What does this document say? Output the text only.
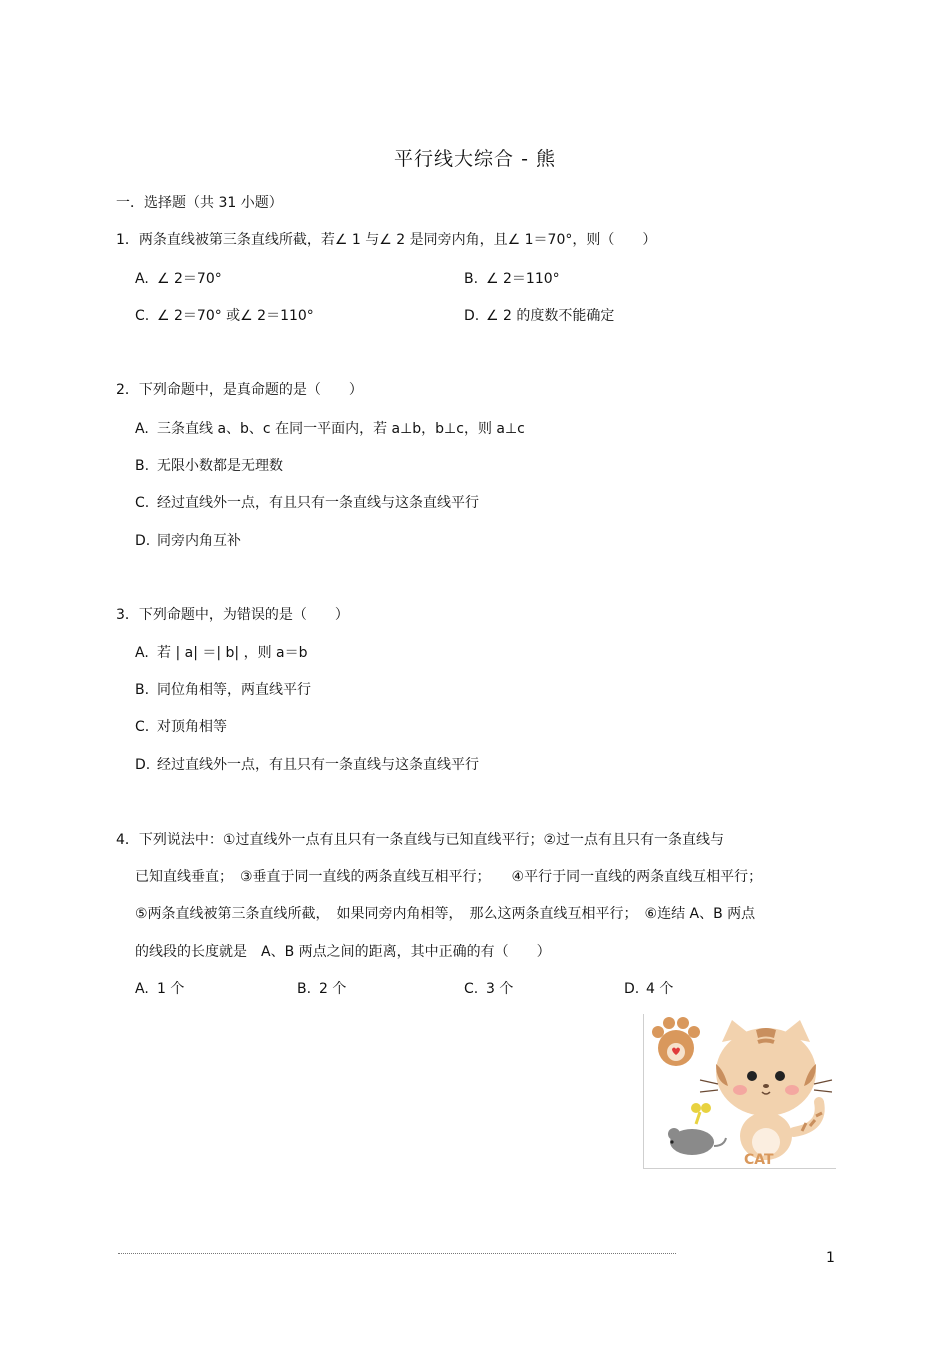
平行线大综合 - 熊
一．选择题（共 31 小题）
1．两条直线被第三条直线所截，若∠ 1 与∠ 2 是同旁内角，且∠ 1＝70°，则（　　）
A. ∠ 2＝70°	B. ∠ 2＝110°
C. ∠ 2＝70° 或∠ 2＝110°	D. ∠ 2 的度数不能确定
2．下列命题中，是真命题的是（　　）
A. 三条直线 a、b、c 在同一平面内，若 a⊥b，b⊥c，则 a⊥c
B. 无限小数都是无理数
C. 经过直线外一点，有且只有一条直线与这条直线平行
D. 同旁内角互补
3．下列命题中，为错误的是（　　）
A. 若 | a| ＝| b| ，则 a＝b
B. 同位角相等，两直线平行
C. 对顶角相等
D. 经过直线外一点，有且只有一条直线与这条直线平行
4．下列说法中：①过直线外一点有且只有一条直线与已知直线平行；②过一点有且只有一条直线与
已知直线垂直；　③垂直于同一直线的两条直线互相平行；　　④平行于同一直线的两条直线互相平行；
⑤两条直线被第三条直线所截，　如果同旁内角相等，　那么这两条直线互相平行；　⑥连结 A、B 两点
的线段的长度就是　A、B 两点之间的距离，其中正确的有（　　）
A. 1 个	B. 2 个	C. 3 个	D. 4 个
CAT
1
